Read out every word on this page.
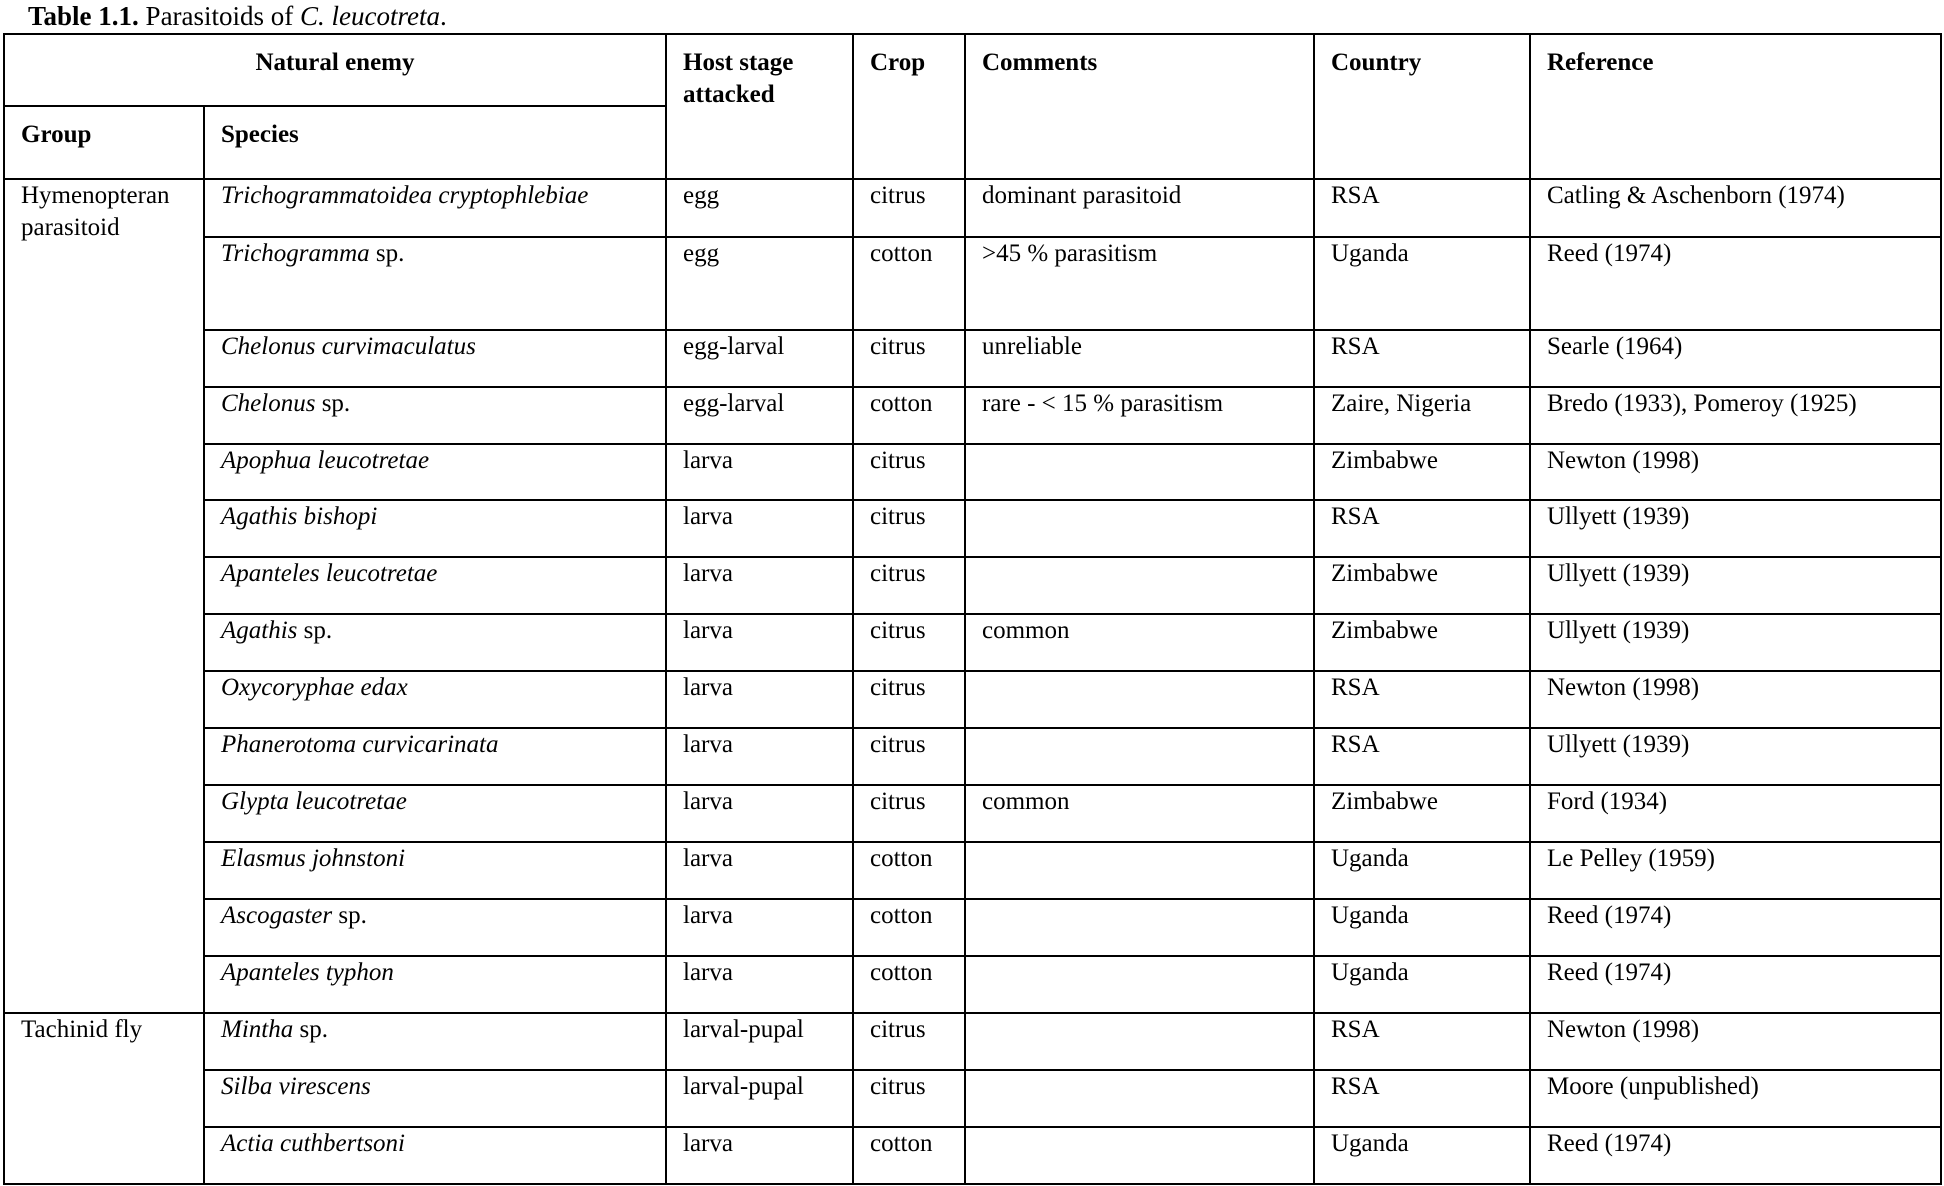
Table 1.1. Parasitoids of C. leucotreta.
Natural enemy		Host stage attacked	Crop	Comments	Country	Reference
Group	Species					
Hymenopteran parasitoid	Trichogrammatoidea cryptophlebiae	egg	citrus	dominant parasitoid	RSA	Catling & Aschenborn (1974)
	Trichogramma sp.	egg	cotton	>45 % parasitism	Uganda	Reed (1974)
	Chelonus curvimaculatus	egg-larval	citrus	unreliable	RSA	Searle (1964)
	Chelonus sp.	egg-larval	cotton	rare - < 15 % parasitism	Zaire, Nigeria	Bredo (1933), Pomeroy (1925)
	Apophua leucotretae	larva	citrus		Zimbabwe	Newton (1998)
	Agathis bishopi	larva	citrus		RSA	Ullyett (1939)
	Apanteles leucotretae	larva	citrus		Zimbabwe	Ullyett (1939)
	Agathis sp.	larva	citrus	common	Zimbabwe	Ullyett (1939)
	Oxycoryphae edax	larva	citrus		RSA	Newton (1998)
	Phanerotoma curvicarinata	larva	citrus		RSA	Ullyett (1939)
	Glypta leucotretae	larva	citrus	common	Zimbabwe	Ford (1934)
	Elasmus johnstoni	larva	cotton		Uganda	Le Pelley (1959)
	Ascogaster sp.	larva	cotton		Uganda	Reed (1974)
	Apanteles typhon	larva	cotton		Uganda	Reed (1974)
Tachinid fly	Mintha sp.	larval-pupal	citrus		RSA	Newton (1998)
	Silba virescens	larval-pupal	citrus		RSA	Moore (unpublished)
	Actia cuthbertsoni	larva	cotton		Uganda	Reed (1974)
